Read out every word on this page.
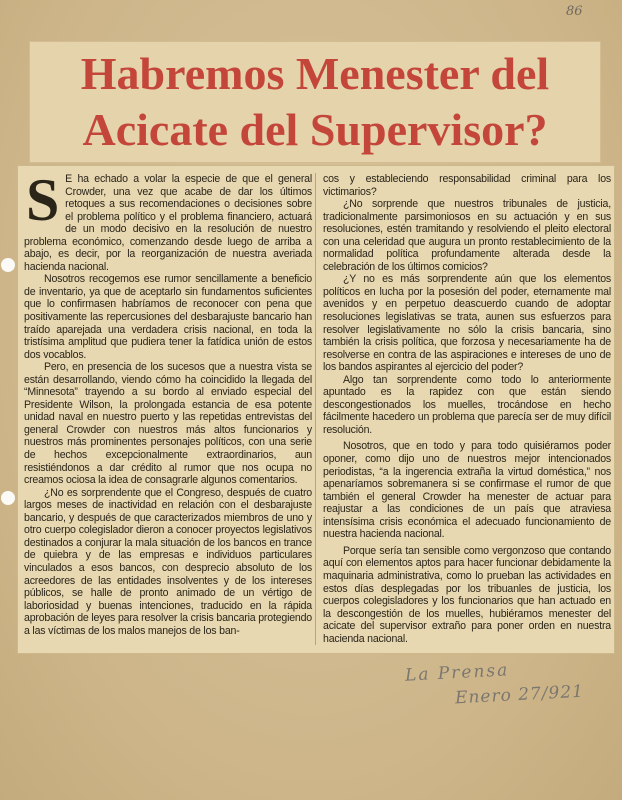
86
Habremos Menester del
Acicate del Supervisor?

S E ha echado a volar la especie de que el general Crowder, una vez que acabe de dar los últimos retoques a sus recomendaciones o decisiones sobre el problema político y el problema financiero, actuará de un modo decisivo en la resolución de nuestro problema económico, comenzando desde luego de arriba a abajo, es decir, por la reorganización de nuestra averiada hacienda nacional.

Nosotros recogemos ese rumor sencillamente a beneficio de inventario, ya que de aceptarlo sin fundamentos suficientes que lo confirmasen habríamos de reconocer con pena que positivamente las repercusiones del desbarajuste bancario han traído aparejada una verdadera crisis nacional, en toda la tristísima amplitud que pudiera tener la fatídica unión de estos dos vocablos.

Pero, en presencia de los sucesos que a nuestra vista se están desarrollando, viendo cómo ha coincidido la llegada del “Minnesota” trayendo a su bordo al enviado especial del Presidente Wilson, la prolongada estancia de esa potente unidad naval en nuestro puerto y las repetidas entrevistas del general Crowder con nuestros más altos funcionarios y nuestros más prominentes personajes políticos, con una serie de hechos excepcionalmente extraordinarios, aun resistiéndonos a dar crédito al rumor que nos ocupa no creamos ociosa la idea de consagrarle algunos comentarios.

¿No es sorprendente que el Congreso, después de cuatro largos meses de inactividad en relación con el desbarajuste bancario, y después de que caracterizados miembros de uno y otro cuerpo colegislador dieron a conocer proyectos legislativos destinados a conjurar la mala situación de los bancos en trance de quiebra y de las empresas e individuos particulares vinculados a esos bancos, con desprecio absoluto de los acreedores de las entidades insolventes y de los intereses públicos, se halle de pronto animado de un vértigo de laboriosidad y buenas intenciones, traducido en la rápida aprobación de leyes para resolver la crisis bancaria protegiendo a las víctimas de los malos manejos de los ban-

cos y estableciendo responsabilidad criminal para los victimarios?

¿No sorprende que nuestros tribunales de justicia, tradicionalmente parsimoniosos en su actuación y en sus resoluciones, estén tramitando y resolviendo el pleito electoral con una celeridad que augura un pronto restablecimiento de la normalidad política profundamente alterada desde la celebración de los últimos comicios?

¿Y no es más sorprendente aún que los elementos políticos en lucha por la posesión del poder, eternamente mal avenidos y en perpetuo deascuerdo cuando de adoptar resoluciones legislativas se trata, aunen sus esfuerzos para resolver legislativamente no sólo la crisis bancaria, sino también la crisis política, que forzosa y necesariamente ha de resolverse en contra de las aspiraciones e intereses de uno de los bandos aspirantes al ejercicio del poder?

Algo tan sorprendente como todo lo anteriormente apuntado es la rapidez con que están siendo descongestionados los muelles, trocándose en hecho fácilmente hacedero un problema que parecía ser de muy difícil resolución.

Nosotros, que en todo y para todo quisiéramos poder oponer, como dijo uno de nuestros mejor intencionados periodistas, “a la ingerencia extraña la virtud doméstica,” nos apenaríamos sobremanera si se confirmase el rumor de que también el general Crowder ha menester de actuar para reajustar a las condiciones de un país que atraviesa intensísima crisis económica el adecuado funcionamiento de nuestra hacienda nacional.

Porque sería tan sensible como vergonzoso que contando aquí con elementos aptos para hacer funcionar debidamente la maquinaria administrativa, como lo prueban las actividades en estos días desplegadas por los tribuanles de justicia, los cuerpos colegisladores y los funcionarios que han actuado en la descongestión de los muelles, hubiéramos menester del acicate del supervisor extraño para poner orden en nuestra hacienda nacional.

La Prensa
Enero 27/921
